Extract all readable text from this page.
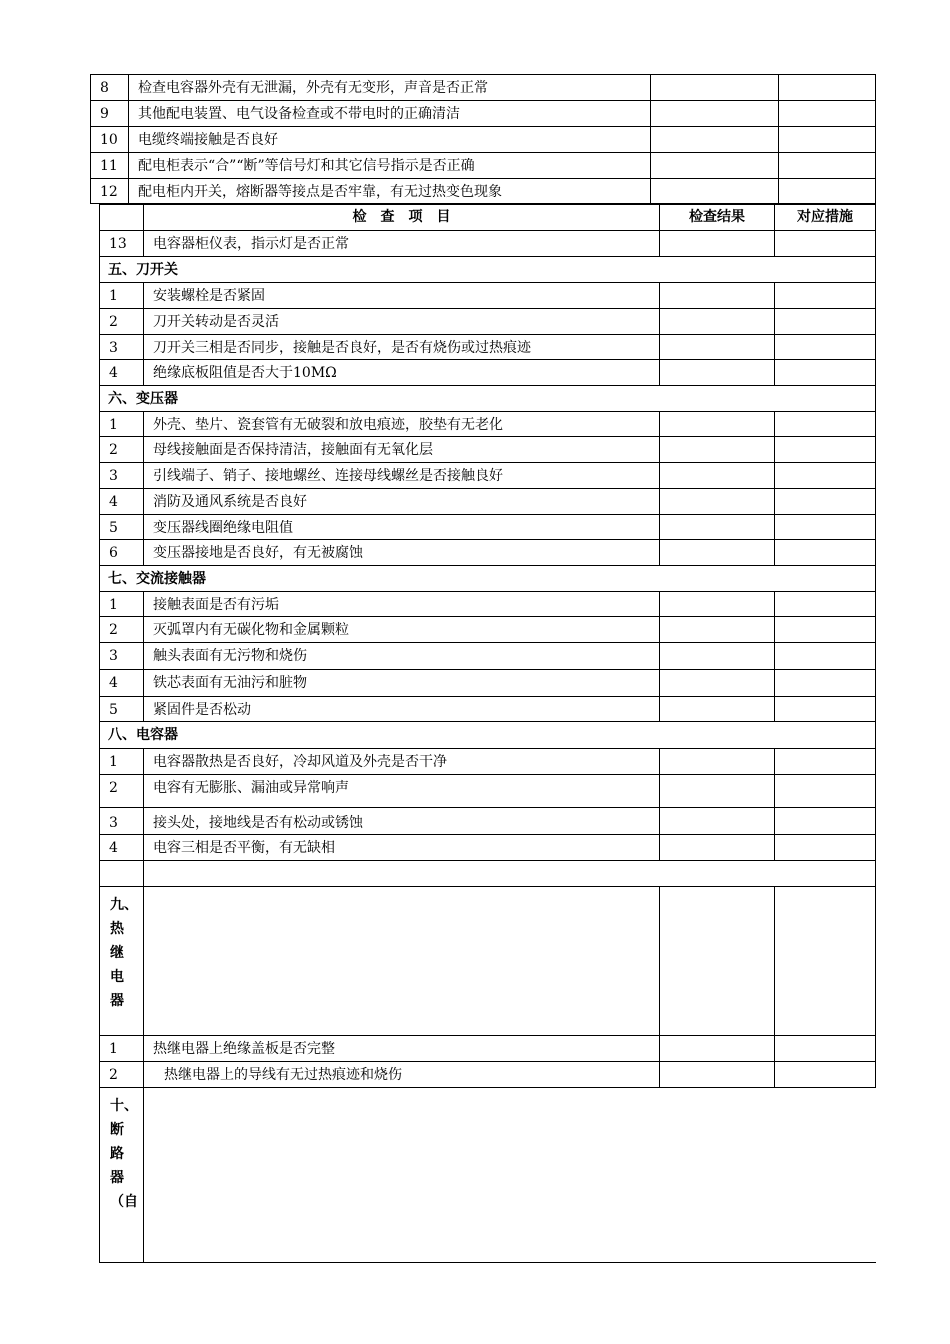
8	检查电容器外壳有无泄漏，外壳有无变形，声音是否正常
9	其他配电装置、电气设备检查或不带电时的正确清洁
10	电缆终端接触是否良好
11	配电柜表示“合”“断”等信号灯和其它信号指示是否正确
12	配电柜内开关，熔断器等接点是否牢靠，有无过热变色现象
检　查　项　目	检查结果	对应措施
13	电容器柜仪表，指示灯是否正常
五、刀开关
1	安装螺栓是否紧固
2	刀开关转动是否灵活
3	刀开关三相是否同步，接触是否良好，是否有烧伤或过热痕迹
4	绝缘底板阻值是否大于10MΩ
六、变压器
1	外壳、垫片、瓷套管有无破裂和放电痕迹，胶垫有无老化
2	母线接触面是否保持清洁，接触面有无氧化层
3	引线端子、销子、接地螺丝、连接母线螺丝是否接触良好
4	消防及通风系统是否良好
5	变压器线圈绝缘电阻值
6	变压器接地是否良好，有无被腐蚀
七、交流接触器
1	接触表面是否有污垢
2	灭弧罩内有无碳化物和金属颗粒
3	触头表面有无污物和烧伤
4	铁芯表面有无油污和脏物
5	紧固件是否松动
八、电容器
1	电容器散热是否良好，冷却风道及外壳是否干净
2	电容有无膨胀、漏油或异常响声
3	接头处，接地线是否有松动或锈蚀
4	电容三相是否平衡，有无缺相
九、热继电器
1	热继电器上绝缘盖板是否完整
2	热继电器上的导线有无过热痕迹和烧伤
十、断路器（自
